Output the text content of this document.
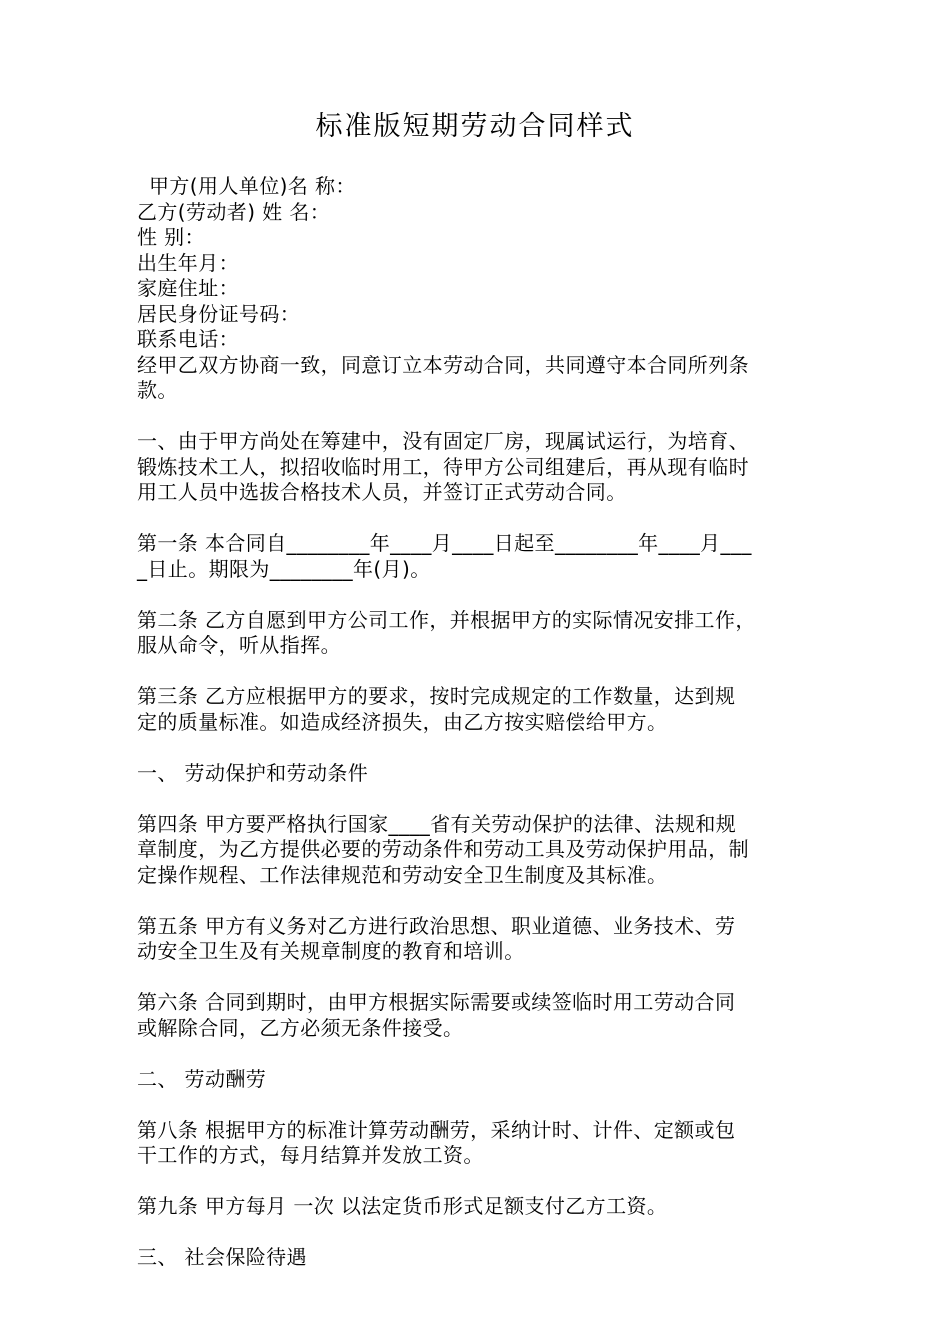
标准版短期劳动合同样式
甲方(用人单位)名 称：
乙方(劳动者) 姓 名：
性 别：
出生年月：
家庭住址：
居民身份证号码：
联系电话：
经甲乙双方协商一致，同意订立本劳动合同，共同遵守本合同所列条
款。
一、由于甲方尚处在筹建中，没有固定厂房，现属试运行，为培育、
锻炼技术工人，拟招收临时用工，待甲方公司组建后，再从现有临时
用工人员中选拔合格技术人员，并签订正式劳动合同。
第一条 本合同自________年____月____日起至________年____月___
_日止。期限为________年(月)。
第二条 乙方自愿到甲方公司工作，并根据甲方的实际情况安排工作，
服从命令，听从指挥。
第三条 乙方应根据甲方的要求，按时完成规定的工作数量，达到规
定的质量标准。如造成经济损失，由乙方按实赔偿给甲方。
一、 劳动保护和劳动条件
第四条 甲方要严格执行国家____省有关劳动保护的法律、法规和规
章制度，为乙方提供必要的劳动条件和劳动工具及劳动保护用品，制
定操作规程、工作法律规范和劳动安全卫生制度及其标准。
第五条 甲方有义务对乙方进行政治思想、职业道德、业务技术、劳
动安全卫生及有关规章制度的教育和培训。
第六条 合同到期时，由甲方根据实际需要或续签临时用工劳动合同
或解除合同，乙方必须无条件接受。
二、 劳动酬劳
第八条 根据甲方的标准计算劳动酬劳，采纳计时、计件、定额或包
干工作的方式，每月结算并发放工资。
第九条 甲方每月 一次 以法定货币形式足额支付乙方工资。
三、 社会保险待遇
